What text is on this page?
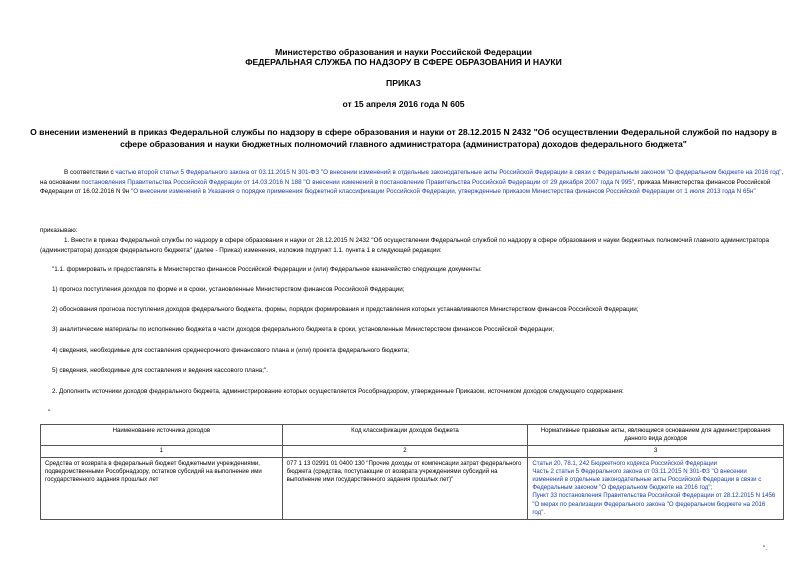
Министерство образования и науки Российской Федерации
ФЕДЕРАЛЬНАЯ СЛУЖБА ПО НАДЗОРУ В СФЕРЕ ОБРАЗОВАНИЯ И НАУКИ
ПРИКАЗ
от 15 апреля 2016 года N 605
О внесении изменений в приказ Федеральной службы по надзору в сфере образования и науки от 28.12.2015 N 2432 "Об осуществлении Федеральной службой по надзору в сфере образования и науки бюджетных полномочий главного администратора (администратора) доходов федерального бюджета"
В соответствии с частью второй статьи 5 Федерального закона от 03.11.2015 N 301-ФЗ "О внесении изменений в отдельные законодательные акты Российской Федерации в связи с Федеральным законом "О федеральном бюджете на 2016 год", на основании постановления Правительства Российской Федерации от 14.03.2016 N 188 "О внесении изменений в постановление Правительства Российской Федерации от 29 декабря 2007 года N 995", приказа Министерства финансов Российской Федерации от 16.02.2016 N 9н "О внесении изменений в Указания о порядке применения бюджетной классификации Российской Федерации, утвержденные приказом Министерства финансов Российской Федерации от 1 июля 2013 года N 65н"
приказываю:
1. Внести в приказ Федеральной службы по надзору в сфере образования и науки от 28.12.2015 N 2432 "Об осуществлении Федеральной службой по надзору в сфере образования и науки бюджетных полномочий главного администратора (администратора) доходов федерального бюджета" (далее - Приказ) изменения, изложив подпункт 1.1. пункта 1 в следующей редакции:
"1.1. формировать и предоставлять в Министерство финансов Российской Федерации и (или) Федеральное казначейство следующие документы:
1) прогноз поступления доходов по форме и в сроки, установленные Министерством финансов Российской Федерации;
2) обоснования прогноза поступления доходов федерального бюджета, формы, порядок формирования и представления которых устанавливаются Министерством финансов Российской Федерации;
3) аналитические материалы по исполнению бюджета в части доходов федерального бюджета в сроки, установленные Министерством финансов Российской Федерации;
4) сведения, необходимые для составления среднесрочного финансового плана и (или) проекта федерального бюджета;
5) сведения, необходимые для составления и ведения кассового плана;".
2. Дополнить источники доходов федерального бюджета, администрирование которых осуществляется Рособрнадзором, утвержденные Приказом, источником доходов следующего содержания:
"
Наименование источника доходов	Код классификации доходов бюджета	Нормативные правовые акты, являющиеся основанием для администрирования данного вида доходов
1	2	3
Средства от возврата в федеральный бюджет бюджетными учреждениями, подведомственными Рособрнадзору, остатков субсидий на выполнение ими государственного задания прошлых лет	077 1 13 02991 01 0400 130 "Прочие доходы от компенсации затрат федерального бюджета (средства, поступающие от возврата учреждениями субсидий на выполнение ими государственного задания прошлых лет)"	Статьи 20, 78.1, 242 Бюджетного кодекса Российской Федерации
Часть 2 статьи 5 Федерального закона от 03.11.2015 N 301-ФЗ "О внесении изменений в отдельные законодательные акты Российской Федерации в связи с Федеральным законом "О федеральном бюджете на 2016 год";
Пункт 33 постановления Правительства Российской Федерации от 28.12.2015 N 1456 "О мерах по реализации Федерального закона "О федеральном бюджете на 2016 год".
".
